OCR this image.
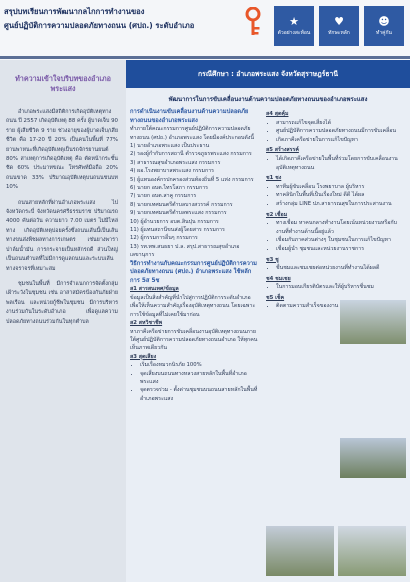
สรุปบทเรียนการพัฒนากลไกการทำงานของ
ศูนย์ปฏิบัติการความปลอดภัยทางถนน (ศปถ.) ระดับอำเภอ	★
ตัวอย่างสะท้อน
♥
ทักษะหลัก
☻
ทำคู่กัน
ทำความเข้าใจบริบทของอำเภอพระแสง

อำเภอพระแสงมีสถิติการเกิดอุบัติเหตุทางถนน ปี 2557 เกิดอุบัติเหตุ 88 ครั้ง ผู้บาดเจ็บ 90 ราย ผู้เสียชีวิต 9 ราย ช่วงอายุของผู้บาดเจ็บ/เสียชีวิต คือ 17-20 ปี 20% เป็นคนในพื้นที่ 77% ยานพาหนะที่เกิดอุบัติเหตุเป็นรถจักรยานยนต์ 80% สาเหตุการเกิดอุบัติเหตุ คือ ตัดหน้ากระชั้นชิด 60% ประมาทขณะ โทรศัพท์มือถือ 20% ถนนขาด 33% ปริมาณอุบัติเหตุบนถนนชนบท 10%

ถนนสายหลักที่ผ่านอำเภอพระแสง ไปจังหวัดกระบี่ จังหวัดนครศรีธรรมราช ปริมาณรถ 4000 คันต่อวัน ความยาว 7.00 เมตร ไม่มีไหล่ทาง เกิดอุบัติเหตุบ่อยครั้งซึ่งถนนเส้นนี้เป็นเส้นทางขนส่งพืชผลทางการเกษตร เช่นยางพารา ปาล์มน้ำมัน การกระจายเป็นหลักรถดี ส่วนใหญ่เป็นถนนตำบลที่ไม่มีการดูแลถนนและระบบเส้นทางจราจรที่เหมาะสม

ชุมชนในพื้นที่ มีการจำแนกการจัดตั้งกลุ่มเฝ้าระวังในชุมชน เช่น อาสาสมัครป้องกันภัยฝ่ายพลเรือน และหน่วยกู้ชีพในชุมชน มีการบริหารงานร่วมกันในระดับอำเภอ เพื่อดูแลความปลอดภัยทางถนนร่วมกันในทุกตำบล

กรณีศึกษา : อำเภอพระแสง จังหวัดสุราษฎร์ธานี
พัฒนาการในการขับเคลื่อนงานด้านความปลอดภัยทางถนนของอำเภอพระแสง

การดำเนินงานขับเคลื่อนงานด้านความปลอดภัยทางถนนของอำเภอพระแสง

ทำภายใต้คณะกรรมการศูนย์ปฏิบัติการความปลอดภัยทางถนน (ศปถ.) อำเภอพระแสง โดยมีองค์ประกอบดังนี้

1) นายอำเภอพระแสง เป็นประธาน
2) รองผู้กำกับการสถานี ตำรวจภูธรพระแสง กรรมการ
3) สาธารณสุขอำเภอพระแสง กรรมการ
4) ผอ.โรงพยาบาลพระแสง กรรมการ
5) ผู้แทนองค์กรปกครองส่วนท้องถิ่นที่ 5 แห่ง กรรมการ
6) นายก อบต.ไทรโสภา กรรมการ
7) นายก อบต.สาคู กรรมการ
8) นายกเทศมนตรีตำบลบางสวรรค์ กรรมการ
9) นายกเทศมนตรีตำบลพระแสง กรรมการ
10) ผู้อำนวยการ อบต.สินปุน กรรมการ
11) ผู้แทนสถานีขนส่งผู้โดยสาร กรรมการ
12) ผู้กรรมการอื่นๆ กรรมการ
13) รท.ทพ.สนธยา ป.ล. สรุป.สาธารณสุขอำเภอ เลขานุการ

วิธีการทำงานกับคณะกรรมการศูนย์ปฏิบัติการความปลอดภัยทางถนน (ศปถ.) อำเภอพระแสง ใช้หลักการ 5ส 5ช

ส1 สารสนเทศ/ข้อมูล

ข้อมูลเป็นสิ่งสำคัญที่นำไปสู่การปฏิบัติการระดับอำเภอเพื่อให้เห็นความสำคัญเรื่องอุบัติเหตุทางถนน โดยเฉพาะการใช้ข้อมูลที่ไม่เคยใช้มาก่อน

ส2 สหวิชาชีพ

หาภาคีเครือข่ายการขับเคลื่อนงานอุบัติเหตุทางถนนภายใต้ศูนย์ปฏิบัติการความปลอดภัยทางถนนอำเภอ ให้ทุกคนเห็นภาพเดียวกัน

ส3 สุดเสียง

• เริ่มเรื่องหมวกนิรภัย 100%
• จุดเสี่ยงบนถนนทางหลวงสายหลักในพื้นที่อำเภอพระแสง
• จุดตรวจร่วม - ตั้งด่านชุมชนบนถนนสายหลักในพื้นที่อำเภอพระแสง

ส4 สุดคุ้ม

• สามารถแก้ไขจุดเสี่ยงได้
• ศูนย์ปฏิบัติการความปลอดภัยทางถนนมีการขับเคลื่อน
• เกิดภาคีเครือข่ายในการแก้ไขปัญหา

ส5 สร้างสรรค์

• ได้เกิดภาคีเครือข่ายในพื้นที่ร่วมโดยการขับเคลื่อนงานอุบัติเหตุทางถนน

ช1 ชง

• ทาทีมผู้ขับเคลื่อน โรงพยาบาล ผู้บริหาร
• ทาคลินิกในพื้นที่เป็นเรื่องใหม่ ดีดี ได้ผล
• สร้างกลุ่ม LINE ปภ.สาธารณสุขในการประสานงาน

ช2 เชื่อม

• ทางเชื่อม หาคนกลางทำงานโดยเน้นหน่วยงานหรือกับงานที่ทำงานด้านนี้อยู่แล้ว
• เชื่อมกับภาคส่วนต่างๆ ในชุมชนในการแก้ไขปัญหา
• เชื่อมผู้นำ ชุมชนและหน่วยงานราชการ

ช3 ชู

• ชื่นชมและชมเชยต่อหน่วยงานที่ทำงานได้ผลดี

ช4 ชมเชย

• ในการมอบเกียรติบัตรและให้ผู้บริหารชื่นชม

ช5 เช็ค

• ติดตามความสำเร็จของงาน
